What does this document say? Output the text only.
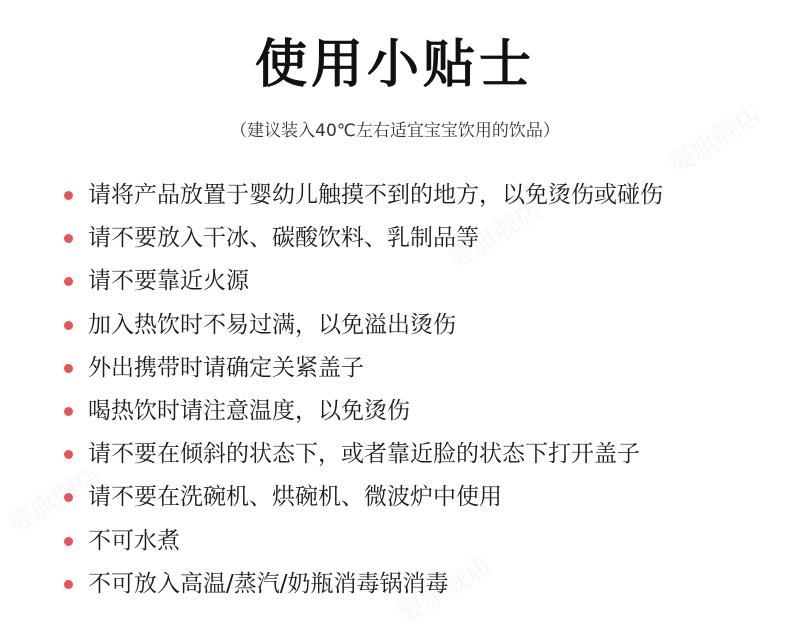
婴旗舰店
婴旗舰店
婴旗舰店
婴旗舰店
使用小贴士
（建议装入40℃左右适宜宝宝饮用的饮品）
请将产品放置于婴幼儿触摸不到的地方，以免烫伤或碰伤
请不要放入干冰、碳酸饮料、乳制品等
请不要靠近火源
加入热饮时不易过满，以免溢出烫伤
外出携带时请确定关紧盖子
喝热饮时请注意温度，以免烫伤
请不要在倾斜的状态下，或者靠近脸的状态下打开盖子
请不要在洗碗机、烘碗机、微波炉中使用
不可水煮
不可放入高温/蒸汽/奶瓶消毒锅消毒
